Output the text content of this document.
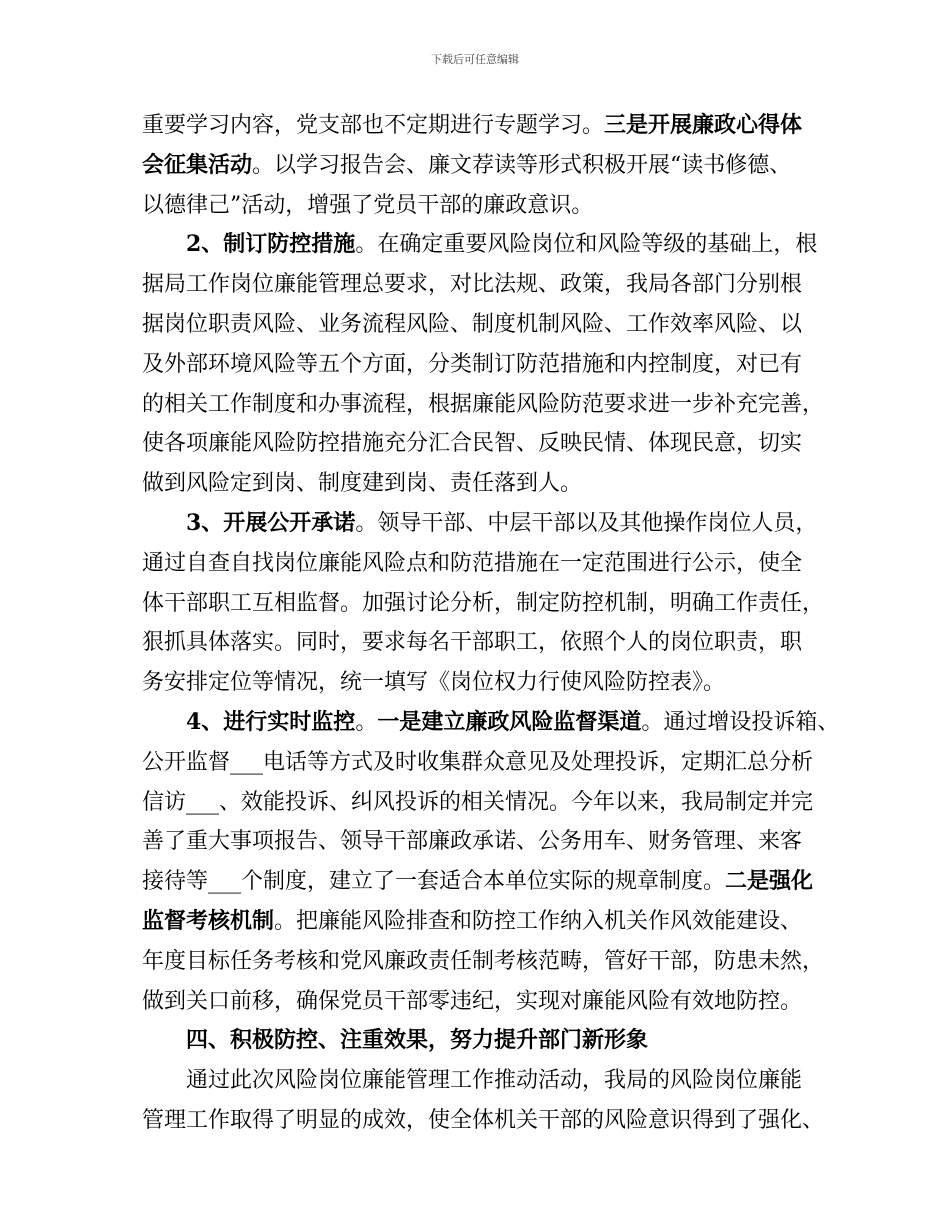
下载后可任意编辑
重要学习内容，党支部也不定期进行专题学习。三是开展廉政心得体
会征集活动。以学习报告会、廉文荐读等形式积极开展“读书修德、
以德律己”活动，增强了党员干部的廉政意识。
2、制订防控措施。在确定重要风险岗位和风险等级的基础上，根
据局工作岗位廉能管理总要求，对比法规、政策，我局各部门分别根
据岗位职责风险、业务流程风险、制度机制风险、工作效率风险、以
及外部环境风险等五个方面，分类制订防范措施和内控制度，对已有
的相关工作制度和办事流程，根据廉能风险防范要求进一步补充完善，
使各项廉能风险防控措施充分汇合民智、反映民情、体现民意，切实
做到风险定到岗、制度建到岗、责任落到人。
3、开展公开承诺。领导干部、中层干部以及其他操作岗位人员，
通过自查自找岗位廉能风险点和防范措施在一定范围进行公示，使全
体干部职工互相监督。加强讨论分析，制定防控机制，明确工作责任，
狠抓具体落实。同时，要求每名干部职工，依照个人的岗位职责，职
务安排定位等情况，统一填写《岗位权力行使风险防控表》。
4、进行实时监控。一是建立廉政风险监督渠道。通过增设投诉箱、
公开监督___电话等方式及时收集群众意见及处理投诉，定期汇总分析
信访___、效能投诉、纠风投诉的相关情况。今年以来，我局制定并完
善了重大事项报告、领导干部廉政承诺、公务用车、财务管理、来客
接待等___个制度，建立了一套适合本单位实际的规章制度。二是强化
监督考核机制。把廉能风险排查和防控工作纳入机关作风效能建设、
年度目标任务考核和党风廉政责任制考核范畴，管好干部，防患未然，
做到关口前移，确保党员干部零违纪，实现对廉能风险有效地防控。
四、积极防控、注重效果，努力提升部门新形象
通过此次风险岗位廉能管理工作推动活动，我局的风险岗位廉能
管理工作取得了明显的成效，使全体机关干部的风险意识得到了强化、
